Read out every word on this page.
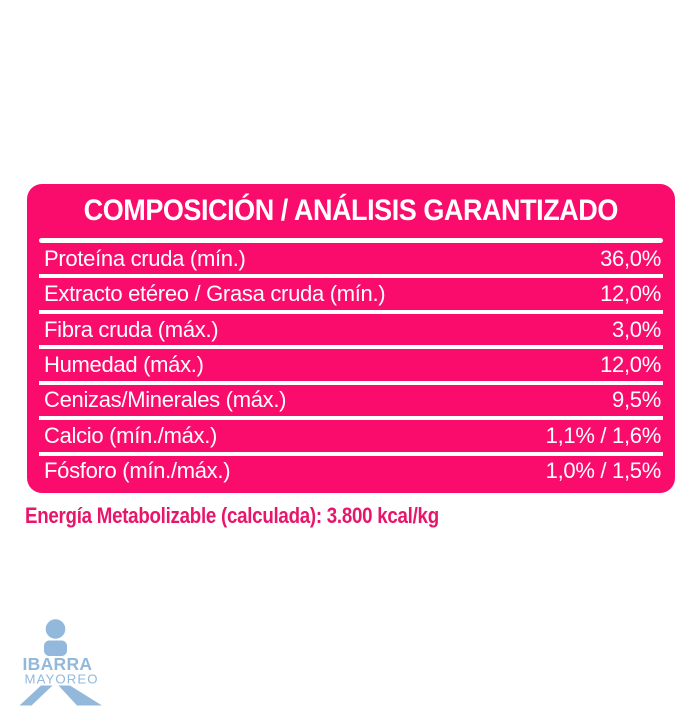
COMPOSICIÓN / ANÁLISIS GARANTIZADO
Proteína cruda (mín.)	36,0%
Extracto etéreo / Grasa cruda (mín.)	12,0%
Fibra cruda (máx.)	3,0%
Humedad (máx.)	12,0%
Cenizas/Minerales (máx.)	9,5%
Calcio (mín./máx.)	1,1% / 1,6%
Fósforo (mín./máx.)	1,0% / 1,5%
Energía Metabolizable (calculada): 3.800 kcal/kg
IBARRA
MAYOREO
